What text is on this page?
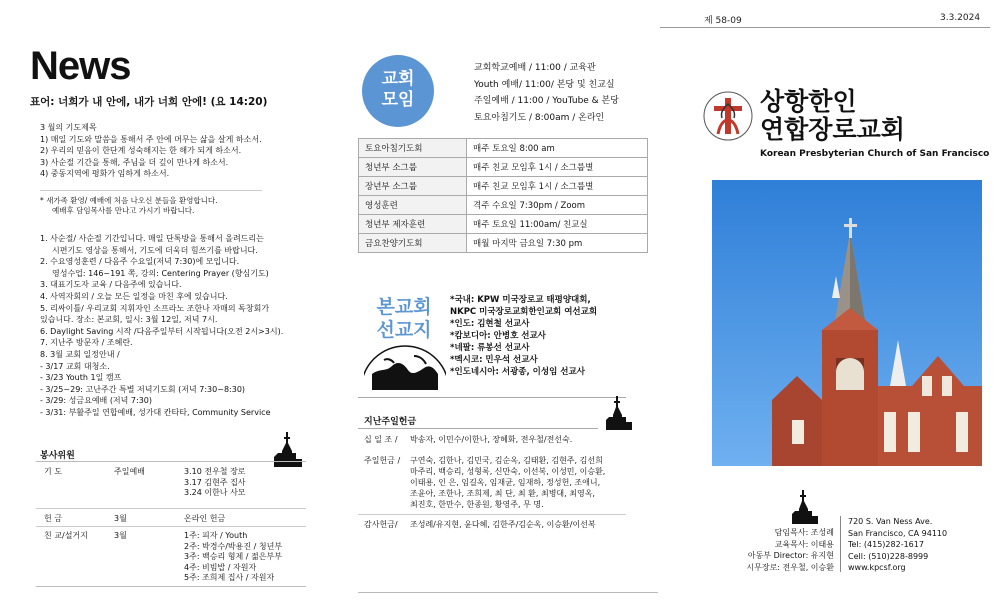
제 58-09	3.3.2024
News
표어: 너희가 내 안에, 내가 너희 안에! (요 14:20)
3 월의 기도제목
1) 매일 기도와 말씀을 통해서 주 안에 머무는 삶을 살게 하소서.
2) 우리의 믿음이 한단계 성숙해지는 한 해가 되게 하소서.
3) 사순절 기간을 통해, 주님을 더 깊이 만나게 하소서.
4) 중동지역에 평화가 임하게 하소서.
* 새가족 환영/ 예배에 처음 나오신 분들을 환영합니다.
예배후 담임목사를 만나고 가시기 바랍니다.
1. 사순절/ 사순절 기간입니다. 매일 단톡방을 통해서 올려드리는
시편기도 영상을 통해서, 기도에 더욱더 힘쓰기를 바랍니다.
2. 수요영성훈련 / 다음주 수요일(저녁 7:30)에 모입니다.
영성수업: 146~191 쪽, 강의: Centering Prayer (향심기도)
3. 대표기도자 교육 / 다음주에 있습니다.
4. 사역자회의 / 오늘 모든 일정을 마친 후에 있습니다.
5. 리싸이틀/ 우리교회 지휘자인 소프라노 조한나 자매의 독창회가
있습니다. 장소: 본교회, 일시: 3월 12일, 저녁 7시.
6. Daylight Saving 시작 /다음주일부터 시작됩니다(오전 2시>3시).
7. 지난주 방문자 / 조혜란.
8. 3월 교회 일정안내 /
- 3/17 교회 대청소.
- 3/23 Youth 1일 캠프
- 3/25~29: 고난주간 특별 저녁기도회 (저녁 7:30~8:30)
- 3/29: 성금요예배 (저녁 7:30)
- 3/31: 부활주일 연합예배, 성가대 칸타타, Community Service
봉사위원
기 도	주일예배	3.10 전우철 장로
3.17 김현주 집사
3.24 이한나 사모
헌 금	3월	온라인 헌금
친 교/설거지	3월	1주: 피자 / Youth
2주: 박경수/박용진 / 청년부
3주: 백승리 형제 / 젊은부부
4주: 비빔밥 / 자원자
5주: 조희제 집사 / 자원자
교회
모임
교회학교예배 / 11:00 / 교육관
Youth 예배/ 11:00/ 본당 및 친교실
주일예배 / 11:00 / YouTube & 본당
토요아침기도 / 8:00am / 온라인
토요아침기도회	매주 토요일 8:00 am
청년부 소그룹	매주 친교 모임후 1시 / 소그룹별
장년부 소그룹	매주 친교 모임후 1시 / 소그룹별
영성훈련	격주 수요일 7:30pm / Zoom
청년부 제자훈련	매주 토요일 11:00am/ 친교실
금요찬양기도회	매월 마지막 금요일 7:30 pm
본교회
선교지
*국내: KPW 미국장로교 태평양대회,
NKPC 미국장로교회한인교회 여선교회
*인도: 김현철 선교사
*캄보디아: 안병호 선교사
*네팔: 류봉선 선교사
*멕시코: 민우석 선교사
*인도네시아: 서광종, 이성임 선교사
지난주일헌금
십 일 조 / 박송자, 이민수/이한나, 장혜화, 전우철/전선숙.
주일헌금 / 구연숙, 김한나, 김민국, 김순옥, 김태환, 김현주, 김선희
마주리, 백승리, 성형록, 신만숙, 이선복, 이성민, 이승환,
이태용, 인 은, 임길옥, 임재균, 임재하, 정성헌, 조애니,
조윤아, 조한나, 조희제, 최 단, 최 환, 최병대, 최영옥,
최진호, 한만수, 한종원, 황영주, 무 명.
감사헌금/ 조성례/유지현, 윤다혜, 김한주/김순옥, 이승환/이선복
상항한인
연합장로교회
Korean Presbyterian Church of San Francisco
담임목사: 조성례
교육목사: 이태용
아동부 Director: 유지현
시무장로: 전우철, 이승환
720 S. Van Ness Ave.
San Francisco, CA 94110
Tel: (415)282-1617
Cell: (510)228-8999
www.kpcsf.org
